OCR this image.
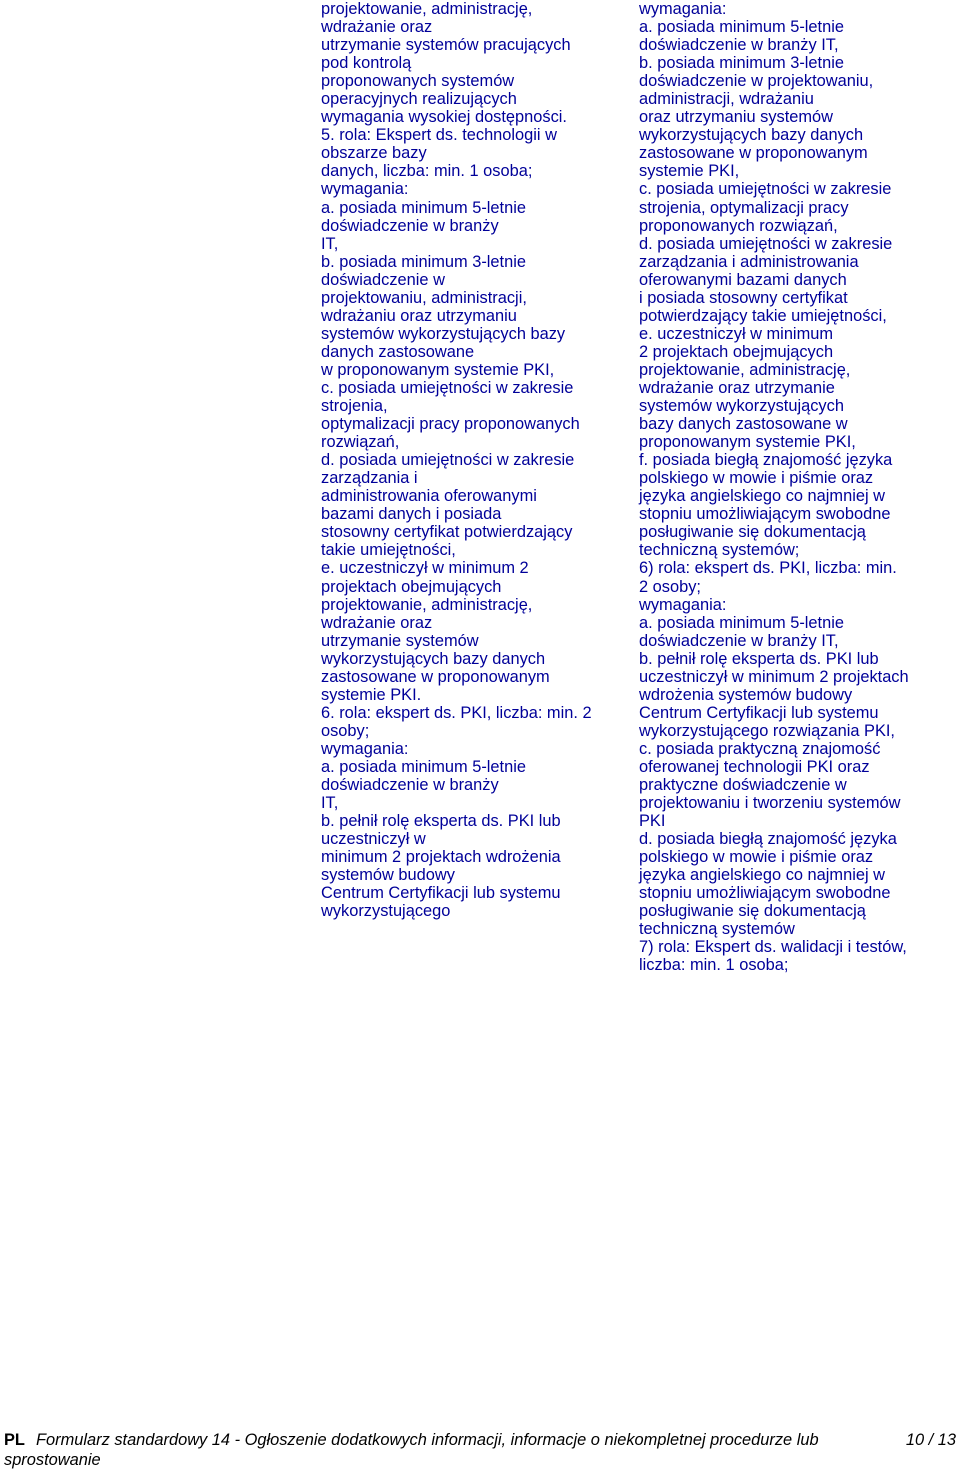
projektowanie, administrację,
wdrażanie oraz
utrzymanie systemów pracujących
pod kontrolą
proponowanych systemów
operacyjnych realizujących
wymagania wysokiej dostępności.
5. rola: Ekspert ds. technologii w
obszarze bazy
danych, liczba: min. 1 osoba;
wymagania:
a. posiada minimum 5-letnie
doświadczenie w branży
IT,
b. posiada minimum 3-letnie
doświadczenie w
projektowaniu, administracji,
wdrażaniu oraz utrzymaniu
systemów wykorzystujących bazy
danych zastosowane
w proponowanym systemie PKI,
c. posiada umiejętności w zakresie
strojenia,
optymalizacji pracy proponowanych
rozwiązań,
d. posiada umiejętności w zakresie
zarządzania i
administrowania oferowanymi
bazami danych i posiada
stosowny certyfikat potwierdzający
takie umiejętności,
e. uczestniczył w minimum 2
projektach obejmujących
projektowanie, administrację,
wdrażanie oraz
utrzymanie systemów
wykorzystujących bazy danych
zastosowane w proponowanym
systemie PKI.
6. rola: ekspert ds. PKI, liczba: min. 2
osoby;
wymagania:
a. posiada minimum 5-letnie
doświadczenie w branży
IT,
b. pełnił rolę eksperta ds. PKI lub
uczestniczył w
minimum 2 projektach wdrożenia
systemów budowy
Centrum Certyfikacji lub systemu
wykorzystującego
wymagania:
a. posiada minimum 5-letnie
doświadczenie w branży IT,
b. posiada minimum 3-letnie
doświadczenie w projektowaniu,
administracji, wdrażaniu
oraz utrzymaniu systemów
wykorzystujących bazy danych
zastosowane w proponowanym
systemie PKI,
c. posiada umiejętności w zakresie
strojenia, optymalizacji pracy
proponowanych rozwiązań,
d. posiada umiejętności w zakresie
zarządzania i administrowania
oferowanymi bazami danych
i posiada stosowny certyfikat
potwierdzający takie umiejętności,
e. uczestniczył w minimum
2 projektach obejmujących
projektowanie, administrację,
wdrażanie oraz utrzymanie
systemów wykorzystujących
bazy danych zastosowane w
proponowanym systemie PKI,
f. posiada biegłą znajomość języka
polskiego w mowie i piśmie oraz
języka angielskiego co najmniej w
stopniu umożliwiającym swobodne
posługiwanie się dokumentacją
techniczną systemów;
6) rola: ekspert ds. PKI, liczba: min.
2 osoby;
wymagania:
a. posiada minimum 5-letnie
doświadczenie w branży IT,
b. pełnił rolę eksperta ds. PKI lub
uczestniczył w minimum 2 projektach
wdrożenia systemów budowy
Centrum Certyfikacji lub systemu
wykorzystującego rozwiązania PKI,
c. posiada praktyczną znajomość
oferowanej technologii PKI oraz
praktyczne doświadczenie w
projektowaniu i tworzeniu systemów
PKI
d. posiada biegłą znajomość języka
polskiego w mowie i piśmie oraz
języka angielskiego co najmniej w
stopniu umożliwiającym swobodne
posługiwanie się dokumentacją
techniczną systemów
7) rola: Ekspert ds. walidacji i testów,
liczba: min. 1 osoba;
PL Formularz standardowy 14 - Ogłoszenie dodatkowych informacji, informacje o niekompletnej procedurze lub
sprostowanie
10 / 13
